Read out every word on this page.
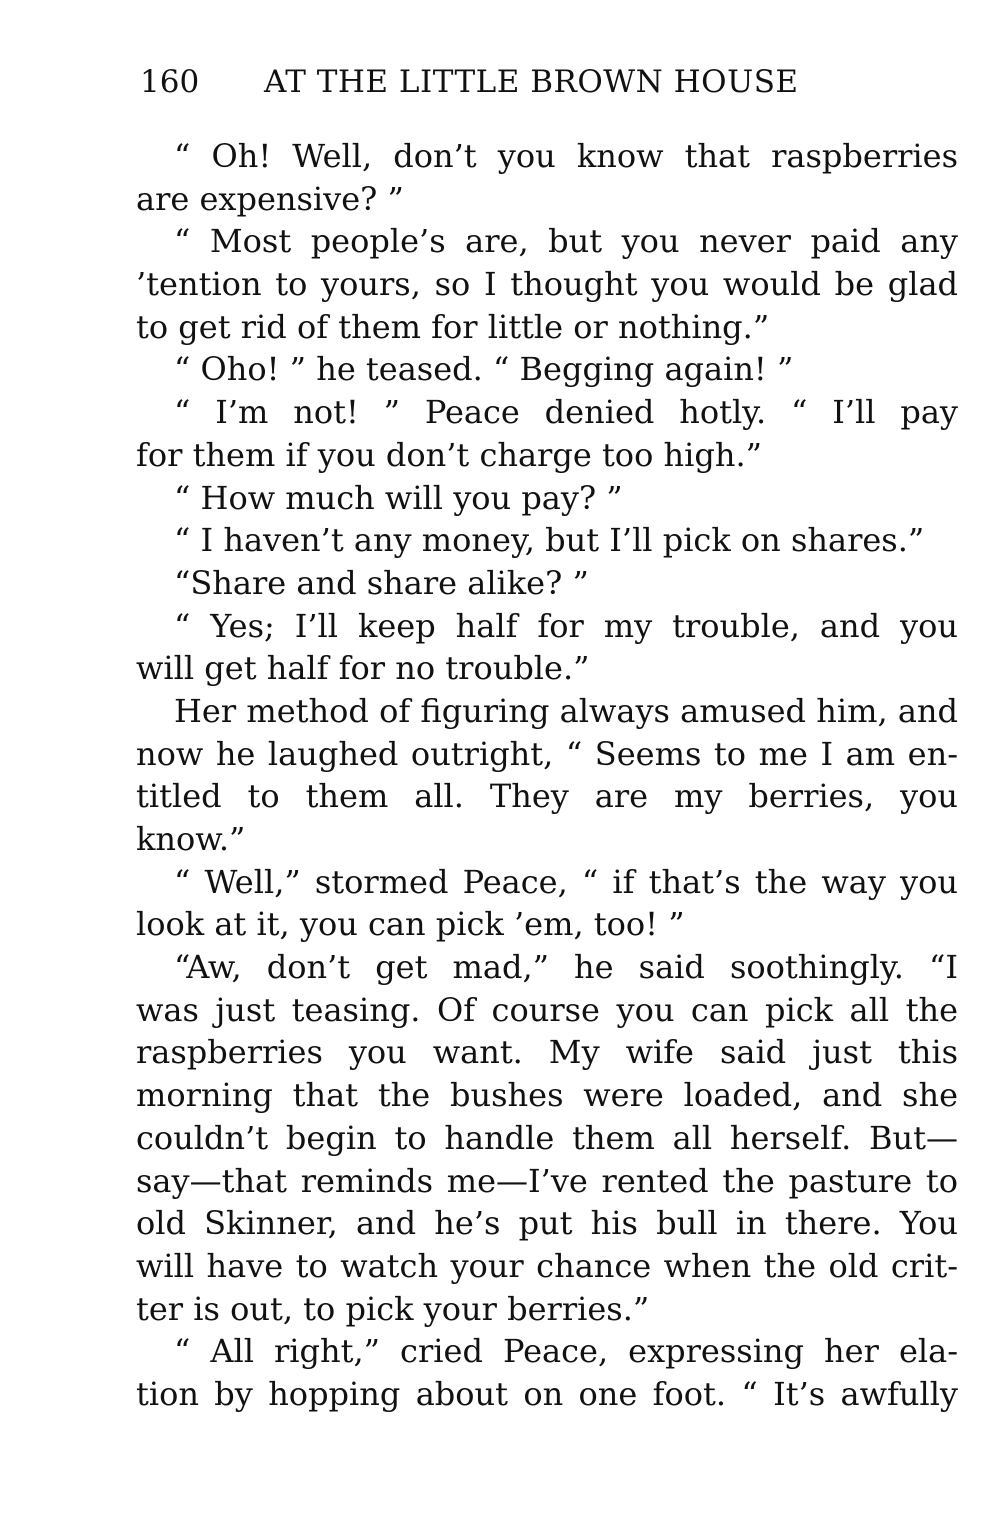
160 AT THE LITTLE BROWN HOUSE
“ Oh! Well, don’t you know that raspberries
are expensive? ”
“ Most people’s are, but you never paid any
’tention to yours, so I thought you would be glad
to get rid of them for little or nothing.”
“ Oho! ” he teased. “ Begging again! ”
“ I’m not! ” Peace denied hotly. “ I’ll pay
for them if you don’t charge too high.”
“ How much will you pay? ”
“ I haven’t any money, but I’ll pick on shares.”
“Share and share alike? ”
“ Yes; I’ll keep half for my trouble, and you
will get half for no trouble.”
Her method of figuring always amused him, and
now he laughed outright, “ Seems to me I am en-
titled to them all. They are my berries, you
know.”
“ Well,” stormed Peace, “ if that’s the way you
look at it, you can pick ’em, too! ”
“Aw, don’t get mad,” he said soothingly. “I
was just teasing. Of course you can pick all the
raspberries you want. My wife said just this
morning that the bushes were loaded, and she
couldn’t begin to handle them all herself. But—
say—that reminds me—I’ve rented the pasture to
old Skinner, and he’s put his bull in there. You
will have to watch your chance when the old crit-
ter is out, to pick your berries.”
“ All right,” cried Peace, expressing her ela-
tion by hopping about on one foot. “ It’s awfully
